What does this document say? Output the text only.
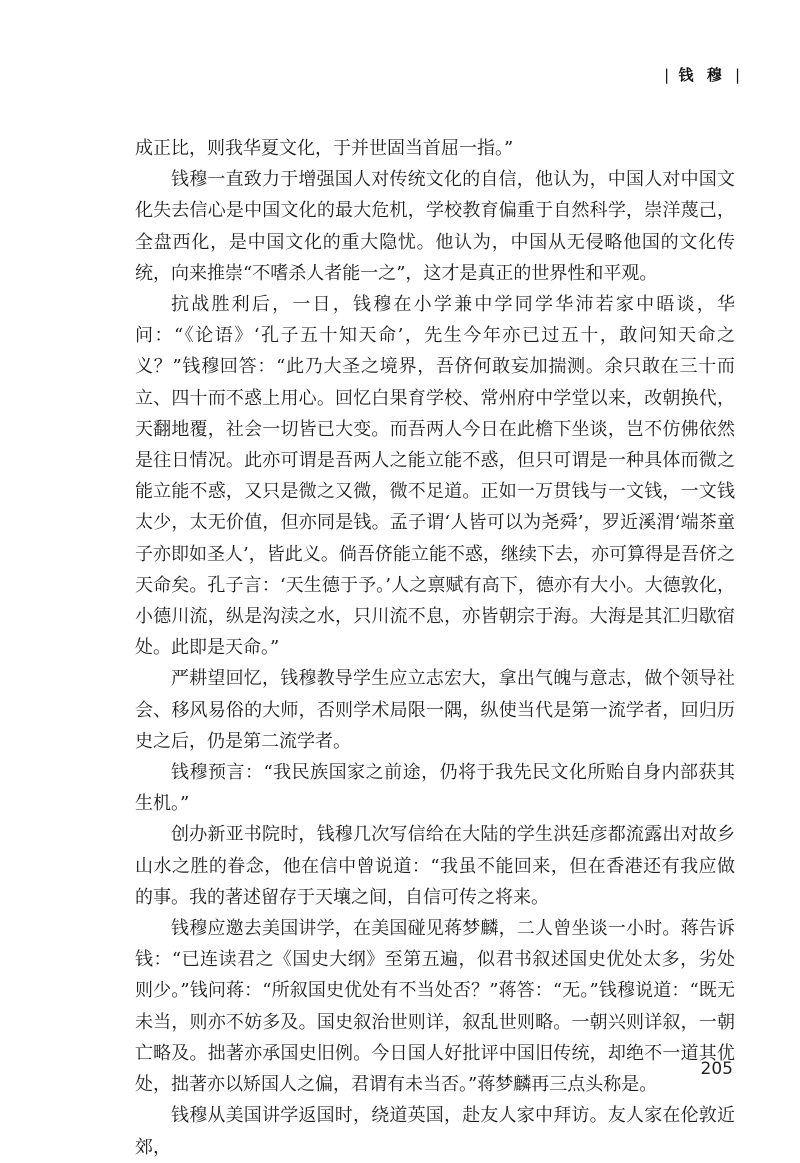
| 钱 穆 |

成正比，则我华夏文化，于并世固当首屈一指。”

钱穆一直致力于增强国人对传统文化的自信，他认为，中国人对中国文化失去信心是中国文化的最大危机，学校教育偏重于自然科学，崇洋蔑己，全盘西化，是中国文化的重大隐忧。他认为，中国从无侵略他国的文化传统，向来推崇“不嗜杀人者能一之”，这才是真正的世界性和平观。

抗战胜利后，一日，钱穆在小学兼中学同学华沛若家中晤谈，华问：“《论语》‘孔子五十知天命’，先生今年亦已过五十，敢问知天命之义？”钱穆回答：“此乃大圣之境界，吾侪何敢妄加揣测。余只敢在三十而立、四十而不惑上用心。回忆白果育学校、常州府中学堂以来，改朝换代，天翻地覆，社会一切皆已大变。而吾两人今日在此檐下坐谈，岂不仿佛依然是往日情况。此亦可谓是吾两人之能立能不惑，但只可谓是一种具体而微之能立能不惑，又只是微之又微，微不足道。正如一万贯钱与一文钱，一文钱太少，太无价值，但亦同是钱。孟子谓‘人皆可以为尧舜’，罗近溪渭‘端茶童子亦即如圣人’，皆此义。倘吾侪能立能不惑，继续下去，亦可算得是吾侪之天命矣。孔子言：‘天生德于予。’人之禀赋有高下，德亦有大小。大德敦化，小德川流，纵是沟渎之水，只川流不息，亦皆朝宗于海。大海是其汇归歇宿处。此即是天命。”

严耕望回忆，钱穆教导学生应立志宏大，拿出气魄与意志，做个领导社会、移风易俗的大师，否则学术局限一隅，纵使当代是第一流学者，回归历史之后，仍是第二流学者。

钱穆预言：“我民族国家之前途，仍将于我先民文化所贻自身内部获其生机。”

创办新亚书院时，钱穆几次写信给在大陆的学生洪廷彦都流露出对故乡山水之胜的眷念，他在信中曾说道：“我虽不能回来，但在香港还有我应做的事。我的著述留存于天壤之间，自信可传之将来。

钱穆应邀去美国讲学，在美国碰见蒋梦麟，二人曾坐谈一小时。蒋告诉钱：“已连读君之《国史大纲》至第五遍，似君书叙述国史优处太多，劣处则少。”钱问蒋：“所叙国史优处有不当处否？”蒋答：“无。”钱穆说道：“既无未当，则亦不妨多及。国史叙治世则详，叙乱世则略。一朝兴则详叙，一朝亡略及。拙著亦承国史旧例。今日国人好批评中国旧传统，却绝不一道其优处，拙著亦以矫国人之偏，君谓有未当否。”蒋梦麟再三点头称是。

钱穆从美国讲学返国时，绕道英国，赴友人家中拜访。友人家在伦敦近郊，

205
